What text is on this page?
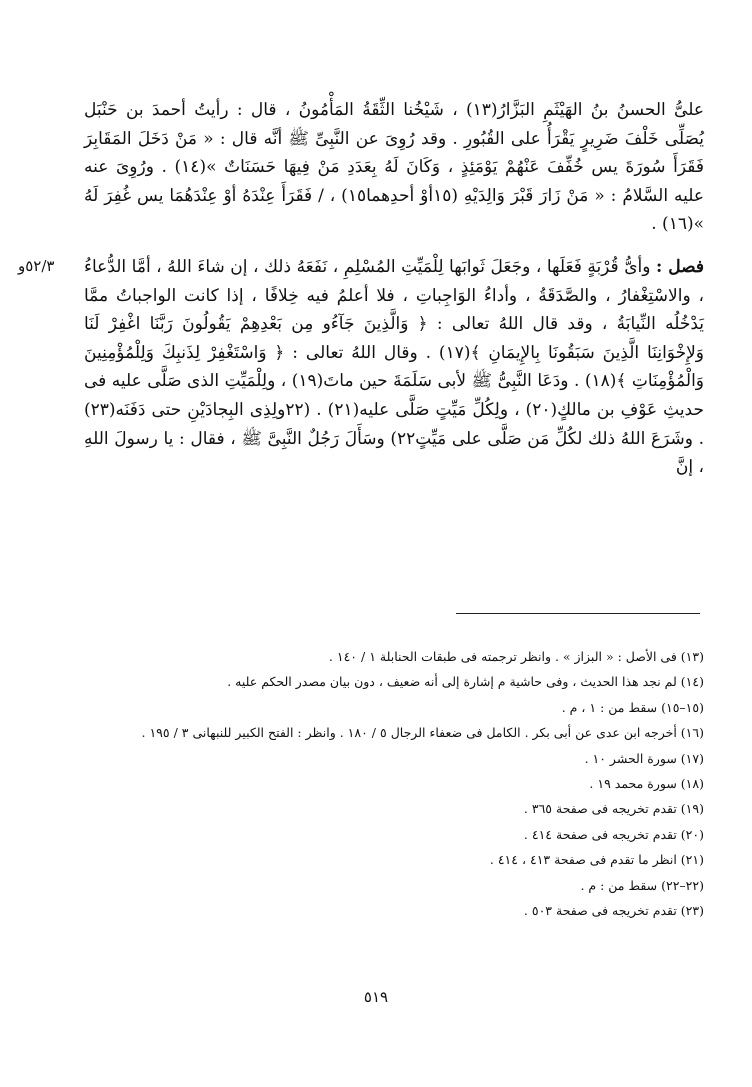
علىُّ الحسنُ بنُ الهَيْثَمِ البَزَّارُ(١٣) ، شَيْخُنا الثِّقَةُ المَأْمُونُ ، قال : رأيتُ أحمدَ بن حَنْبَل يُصَلِّى خَلْفَ ضَرِيرٍ يَقْرَأُ على القُبُورِ . وقد رُوِىَ عن النَّبِىِّ ﷺ أنَّه قال : « مَنْ دَخَلَ المَقَابِرَ فَقَرَأَ سُورَةَ يس خُفِّفَ عَنْهُمْ يَوْمَئِذٍ ، وَكَانَ لَهُ بِعَدَدِ مَنْ فِيهَا حَسَنَاتٌ »(١٤) . ورُوِىَ عنه عليه السَّلامُ : « مَنْ زَارَ قَبْرَ وَالِدَيْهِ (١٥أوْ أحدِهما١٥) ، / فَقَرَأَ عِنْدَهُ أوْ عِنْدَهُمَا يس غُفِرَ لَهُ »(١٦) .

فصل : وأىُّ قُرْبَةٍ فَعَلَها ، وجَعَلَ ثَوابَها لِلْمَيِّتِ المُسْلِمِ ، نَفَعَهُ ذلك ، إن شاءَ اللهُ ، أمَّا الدُّعاءُ ، والاسْتِغْفارُ ، والصَّدَقَةُ ، وأداءُ الوَاجِباتِ ، فلا أعلمُ فيه خِلافًا ، إذا كانت الواجباتُ ممَّا يَدْخُلُه النِّيابَةُ ، وقد قال اللهُ تعالى : ﴿ وَالَّذِينَ جَآءُو مِن بَعْدِهِمْ يَقُولُونَ رَبَّنَا اغْفِرْ لَنَا وَلإِخْوَانِنَا الَّذِينَ سَبَقُونَا بِالإِيمَانِ ﴾(١٧) . وقال اللهُ تعالى : ﴿ وَاسْتَغْفِرْ لِذَنبِكَ وَلِلْمُؤْمِنِينَ وَالْمُؤْمِنَاتِ ﴾(١٨) . ودَعَا النَّبِىُّ ﷺ لأبى سَلَمَةَ حين ماتَ(١٩) ، ولِلْمَيِّتِ الذى صَلَّى عليه فى حديثِ عَوْفِ بن مالكٍ(٢٠) ، ولِكُلِّ مَيِّتٍ صَلَّى عليه(٢١) . (٢٢ولِذِى البِجادَيْنِ حتى دَفَنَه(٢٣) . وشَرَعَ اللهُ ذلك لكُلِّ مَن صَلَّى على مَيِّتٍ٢٢) وسَأَلَ رَجُلٌ النَّبِىَّ ﷺ ، فقال : يا رسولَ اللهِ ، إنَّ

٥٢/٣و
(١٣) فى الأصل : « البزاز » . وانظر ترجمته فى طبقات الحنابلة ١ / ١٤٠ .
(١٤) لم نجد هذا الحديث ، وفى حاشية م إشارة إلى أنه ضعيف ، دون بيان مصدر الحكم عليه .
(١٥–١٥) سقط من : ١ ، م .
(١٦) أخرجه ابن عدى عن أبى بكر . الكامل فى ضعفاء الرجال ٥ / ١٨٠ . وانظر : الفتح الكبير للنبهانى ٣ / ١٩٥ .
(١٧) سورة الحشر ١٠ .
(١٨) سورة محمد ١٩ .
(١٩) تقدم تخريجه فى صفحة ٣٦٥ .
(٢٠) تقدم تخريجه فى صفحة ٤١٤ .
(٢١) انظر ما تقدم فى صفحة ٤١٣ ، ٤١٤ .
(٢٢–٢٢) سقط من : م .
(٢٣) تقدم تخريجه فى صفحة ٥٠٣ .
٥١٩
